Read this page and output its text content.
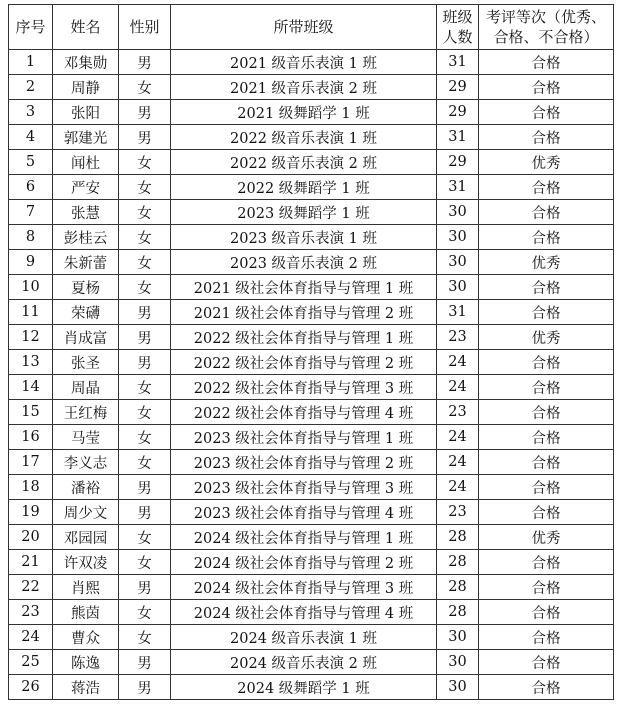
序号	姓名	性别	所带班级	班级人数	考评等次（优秀、合格、不合格）
1	邓集勋	男	2021 级音乐表演 1 班	31	合格
2	周静	女	2021 级音乐表演 2 班	29	合格
3	张阳	男	2021 级舞蹈学 1 班	29	合格
4	郭建光	男	2022 级音乐表演 1 班	31	合格
5	闻杜	女	2022 级音乐表演 2 班	29	优秀
6	严安	女	2022 级舞蹈学 1 班	31	合格
7	张慧	女	2023 级舞蹈学 1 班	30	合格
8	彭桂云	女	2023 级音乐表演 1 班	30	合格
9	朱新蕾	女	2023 级音乐表演 2 班	30	优秀
10	夏杨	女	2021 级社会体育指导与管理 1 班	30	合格
11	荣礴	男	2021 级社会体育指导与管理 2 班	31	合格
12	肖成富	男	2022 级社会体育指导与管理 1 班	23	优秀
13	张圣	男	2022 级社会体育指导与管理 2 班	24	合格
14	周晶	女	2022 级社会体育指导与管理 3 班	24	合格
15	王红梅	女	2022 级社会体育指导与管理 4 班	23	合格
16	马莹	女	2023 级社会体育指导与管理 1 班	24	合格
17	李义志	女	2023 级社会体育指导与管理 2 班	24	合格
18	潘裕	男	2023 级社会体育指导与管理 3 班	24	合格
19	周少文	男	2023 级社会体育指导与管理 4 班	23	合格
20	邓园园	女	2024 级社会体育指导与管理 1 班	28	优秀
21	许双凌	女	2024 级社会体育指导与管理 2 班	28	合格
22	肖熙	男	2024 级社会体育指导与管理 3 班	28	合格
23	熊茵	女	2024 级社会体育指导与管理 4 班	28	合格
24	曹众	女	2024 级音乐表演 1 班	30	合格
25	陈逸	男	2024 级音乐表演 2 班	30	合格
26	蒋浩	男	2024 级舞蹈学 1 班	30	合格
